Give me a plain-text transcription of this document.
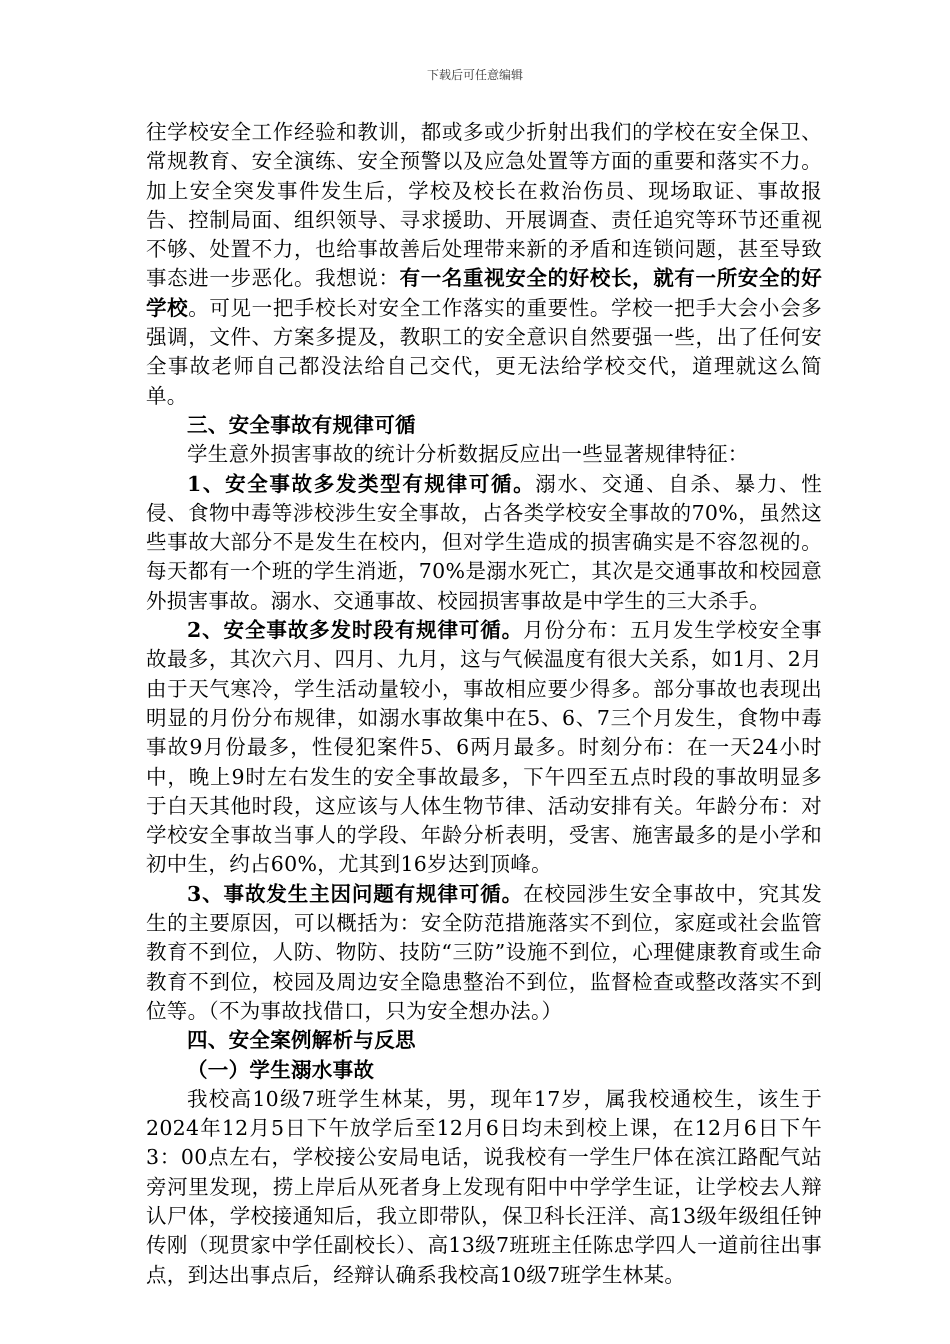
下载后可任意编辑

往学校安全工作经验和教训，都或多或少折射出我们的学校在安全保卫、常规教育、安全演练、安全预警以及应急处置等方面的重要和落实不力。加上安全突发事件发生后，学校及校长在救治伤员、现场取证、事故报告、控制局面、组织领导、寻求援助、开展调查、责任追究等环节还重视不够、处置不力，也给事故善后处理带来新的矛盾和连锁问题，甚至导致事态进一步恶化。我想说：有一名重视安全的好校长，就有一所安全的好学校。可见一把手校长对安全工作落实的重要性。学校一把手大会小会多强调，文件、方案多提及，教职工的安全意识自然要强一些，出了任何安全事故老师自己都没法给自己交代，更无法给学校交代，道理就这么简单。

三、安全事故有规律可循

学生意外损害事故的统计分析数据反应出一些显著规律特征：

1、安全事故多发类型有规律可循。溺水、交通、自杀、暴力、性侵、食物中毒等涉校涉生安全事故，占各类学校安全事故的70%，虽然这些事故大部分不是发生在校内，但对学生造成的损害确实是不容忽视的。每天都有一个班的学生消逝，70%是溺水死亡，其次是交通事故和校园意外损害事故。溺水、交通事故、校园损害事故是中学生的三大杀手。

2、安全事故多发时段有规律可循。月份分布：五月发生学校安全事故最多，其次六月、四月、九月，这与气候温度有很大关系，如1月、2月由于天气寒冷，学生活动量较小，事故相应要少得多。部分事故也表现出明显的月份分布规律，如溺水事故集中在5、6、7三个月发生，食物中毒事故9月份最多，性侵犯案件5、6两月最多。时刻分布：在一天24小时中，晚上9时左右发生的安全事故最多，下午四至五点时段的事故明显多于白天其他时段，这应该与人体生物节律、活动安排有关。年龄分布：对学校安全事故当事人的学段、年龄分析表明，受害、施害最多的是小学和初中生，约占60%，尤其到16岁达到顶峰。

3、事故发生主因问题有规律可循。在校园涉生安全事故中，究其发生的主要原因，可以概括为：安全防范措施落实不到位，家庭或社会监管教育不到位，人防、物防、技防“三防”设施不到位，心理健康教育或生命教育不到位，校园及周边安全隐患整治不到位，监督检查或整改落实不到位等。（不为事故找借口，只为安全想办法。）

四、安全案例解析与反思

（一）学生溺水事故

我校高10级7班学生林某，男，现年17岁，属我校通校生，该生于2024年12月5日下午放学后至12月6日均未到校上课，在12月6日下午3：00点左右，学校接公安局电话，说我校有一学生尸体在滨江路配气站旁河里发现，捞上岸后从死者身上发现有阳中中学学生证，让学校去人辩认尸体，学校接通知后，我立即带队，保卫科长汪洋、高13级年级组任钟传刚（现贯家中学任副校长）、高13级7班班主任陈忠学四人一道前往出事点，到达出事点后，经辩认确系我校高10级7班学生林某。
